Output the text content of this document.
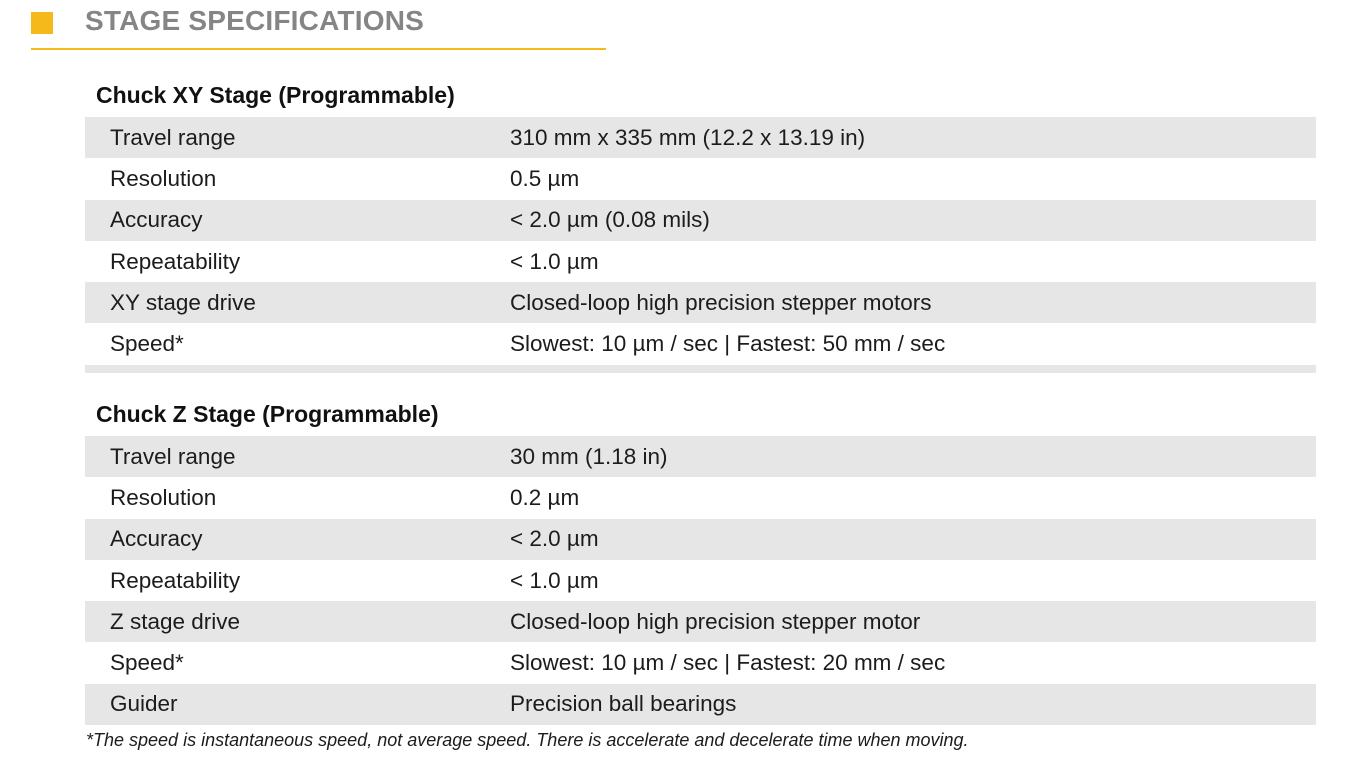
STAGE SPECIFICATIONS
Chuck XY Stage (Programmable)
Travel range	310 mm x 335 mm (12.2 x 13.19 in)
Resolution	0.5 µm
Accuracy	< 2.0 µm (0.08 mils)
Repeatability	< 1.0 µm
XY stage drive	Closed-loop high precision stepper motors
Speed*	Slowest: 10 µm / sec | Fastest: 50 mm / sec
Chuck Z Stage (Programmable)
Travel range	30 mm (1.18 in)
Resolution	0.2 µm
Accuracy	< 2.0 µm
Repeatability	< 1.0 µm
Z stage drive	Closed-loop high precision stepper motor
Speed*	Slowest: 10 µm / sec | Fastest: 20 mm / sec
Guider	Precision ball bearings
*The speed is instantaneous speed, not average speed. There is accelerate and decelerate time when moving.
